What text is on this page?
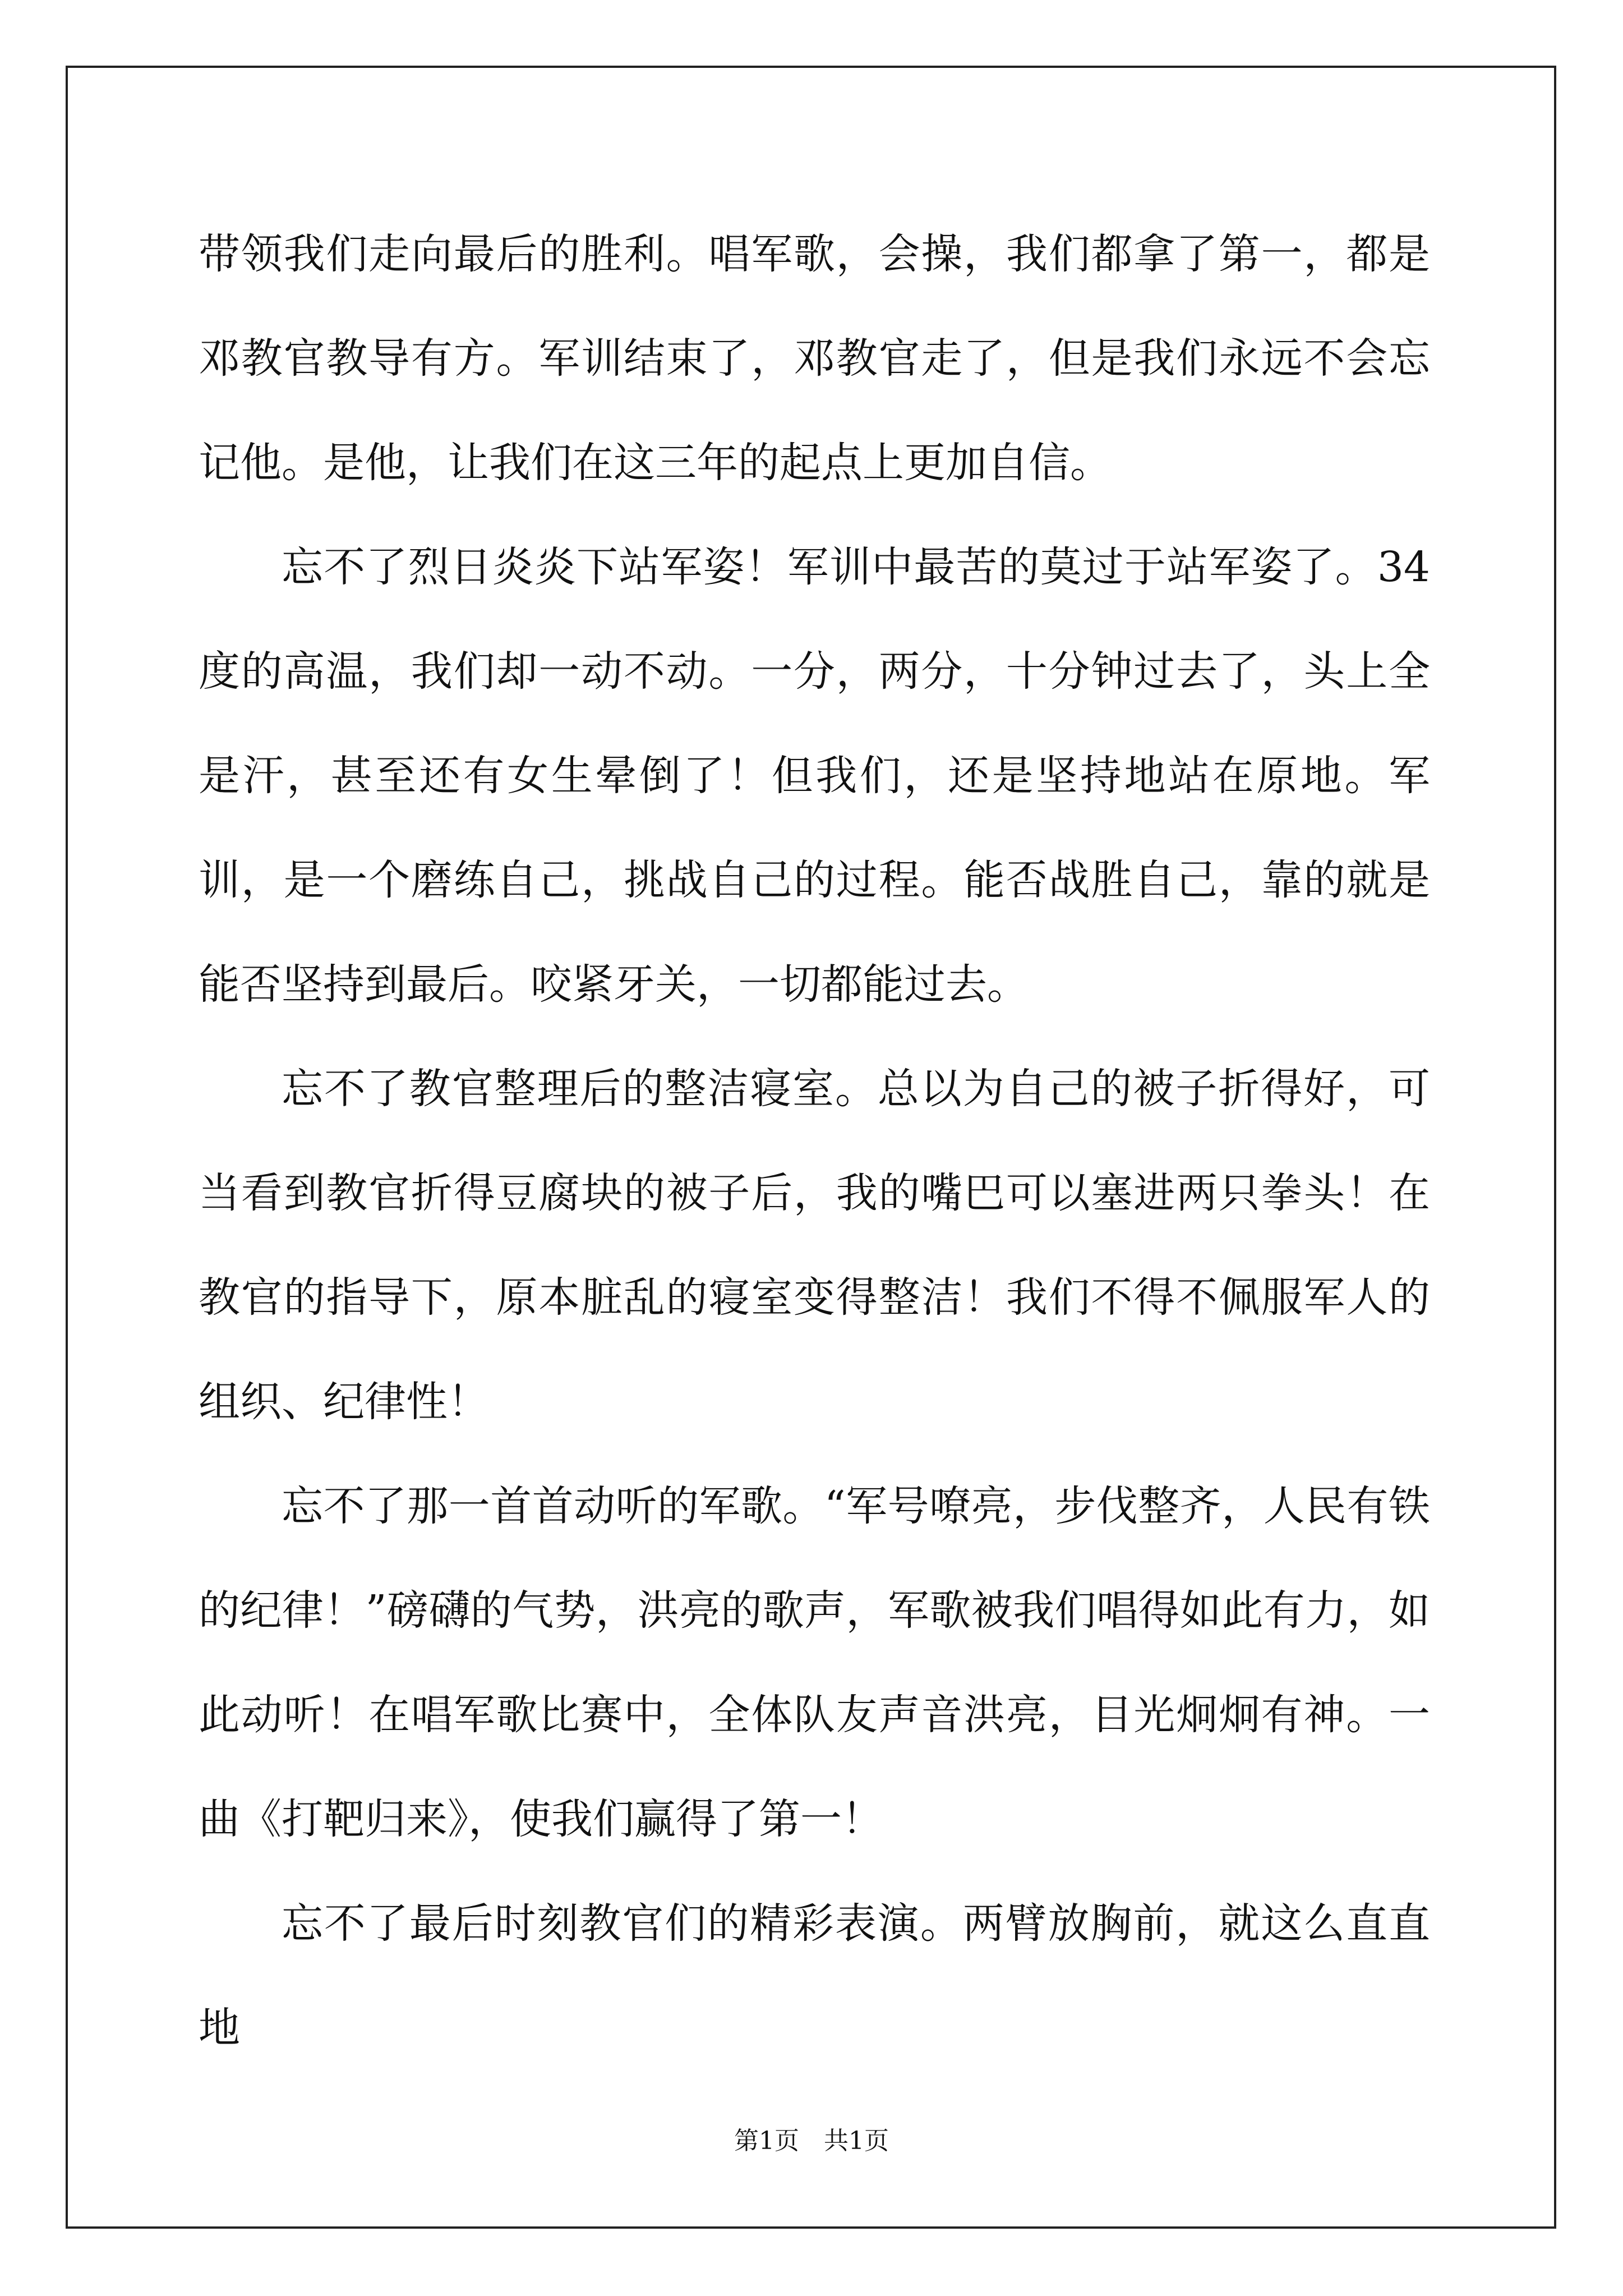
带领我们走向最后的胜利。唱军歌，会操，我们都拿了第一，都是邓教官教导有方。军训结束了，邓教官走了，但是我们永远不会忘记他。是他，让我们在这三年的起点上更加自信。

忘不了烈日炎炎下站军姿！军训中最苦的莫过于站军姿了。34度的高温，我们却一动不动。一分，两分，十分钟过去了，头上全是汗，甚至还有女生晕倒了！但我们，还是坚持地站在原地。军训，是一个磨练自己，挑战自己的过程。能否战胜自己，靠的就是能否坚持到最后。咬紧牙关，一切都能过去。

忘不了教官整理后的整洁寝室。总以为自己的被子折得好，可当看到教官折得豆腐块的被子后，我的嘴巴可以塞进两只拳头！在教官的指导下，原本脏乱的寝室变得整洁！我们不得不佩服军人的组织、纪律性！

忘不了那一首首动听的军歌。“军号嘹亮，步伐整齐，人民有铁的纪律！”磅礴的气势，洪亮的歌声，军歌被我们唱得如此有力，如此动听！在唱军歌比赛中，全体队友声音洪亮，目光炯炯有神。一曲《打靶归来》，使我们赢得了第一！

忘不了最后时刻教官们的精彩表演。两臂放胸前，就这么直直地

第1页 共1页
